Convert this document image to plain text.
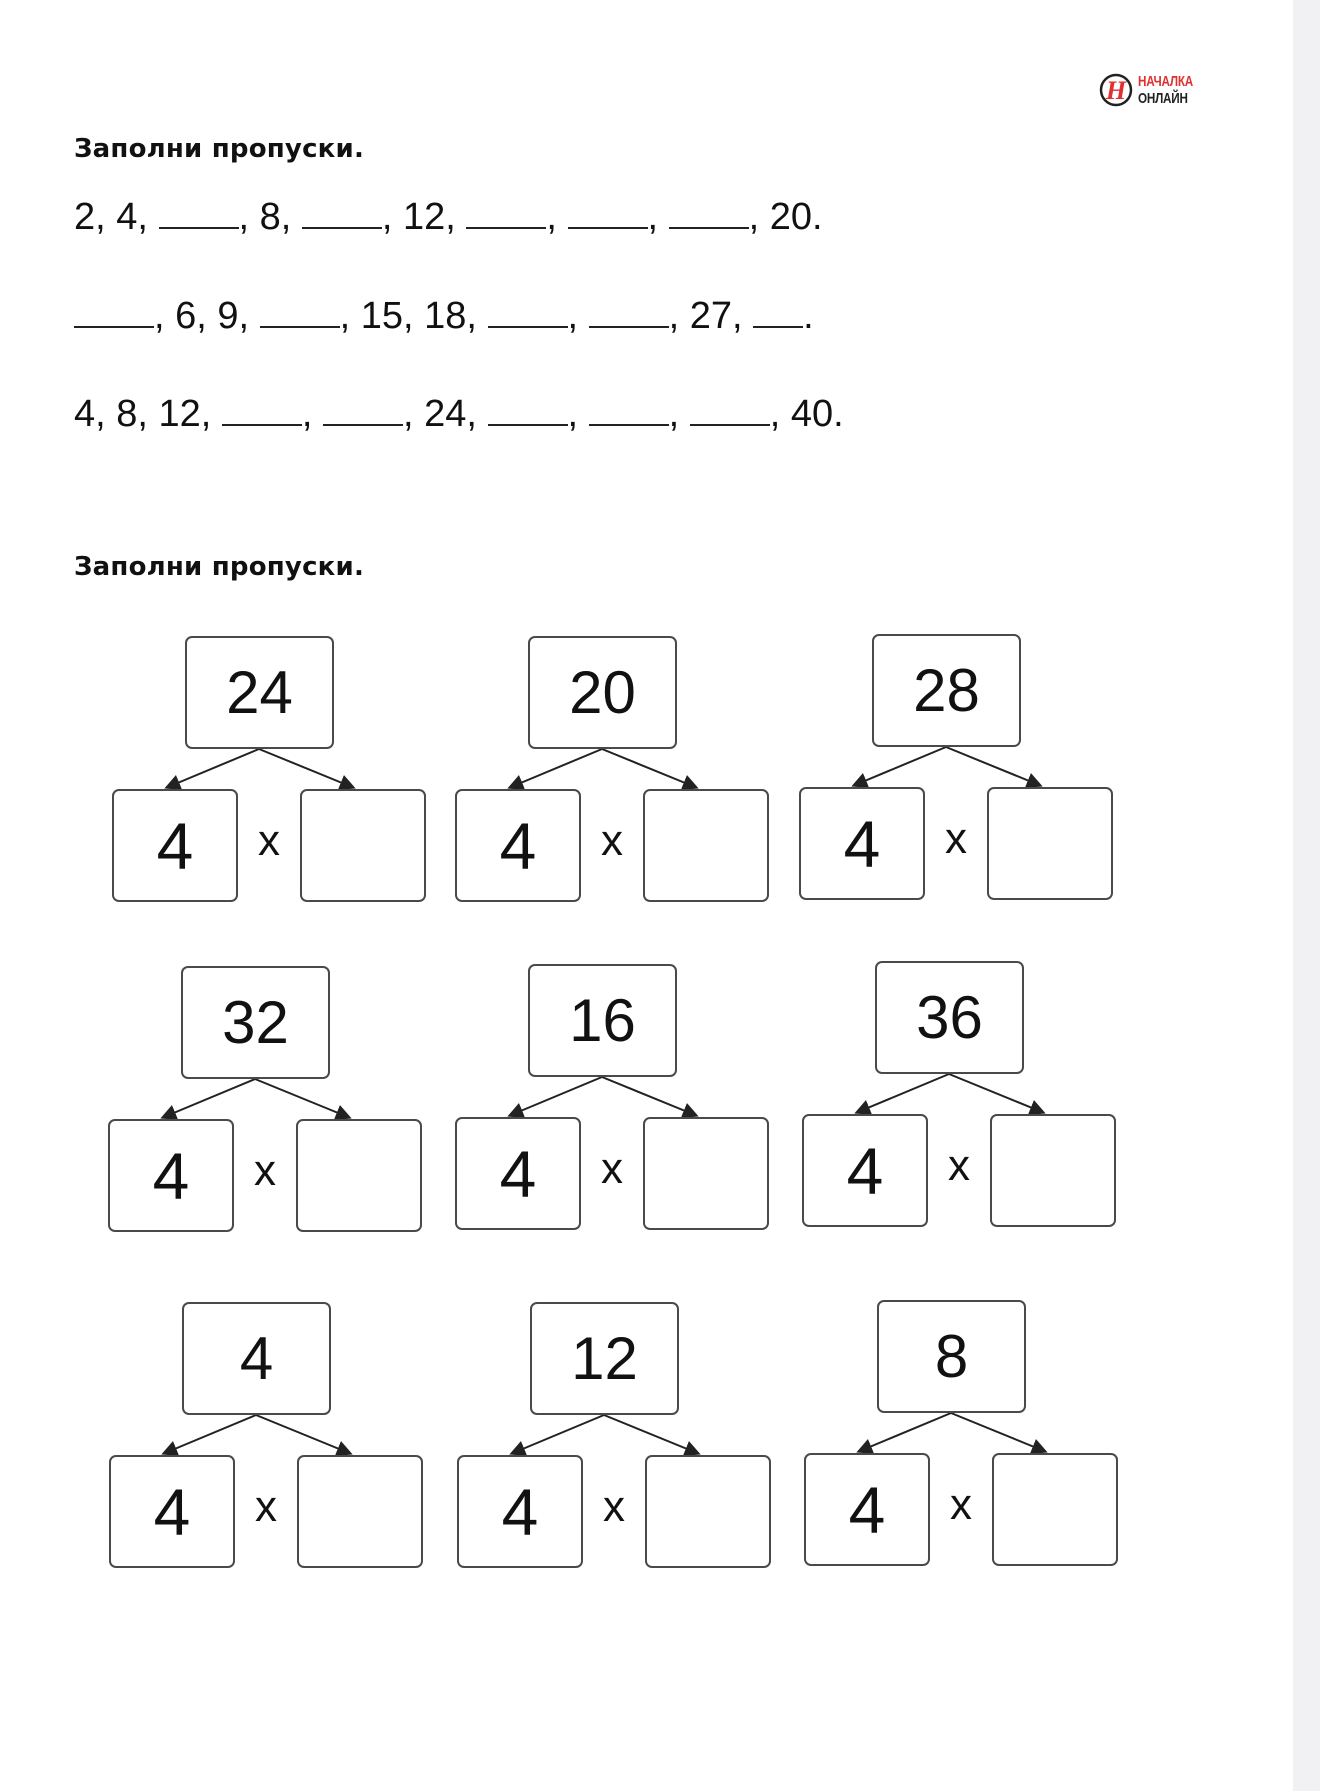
Н НАЧАЛКА
ОНЛАЙН
Заполни пропуски.
2, 4, , 8, , 12, , , , 20.
, 6, 9, , 15, 18, , , 27, .
4, 8, 12, , , 24, , , , 40.
Заполни пропуски.
24
4	x
20
4	x
28
4	x
32
4	x
16
4	x
36
4	x
4
4	x
12
4	x
8
4	x
